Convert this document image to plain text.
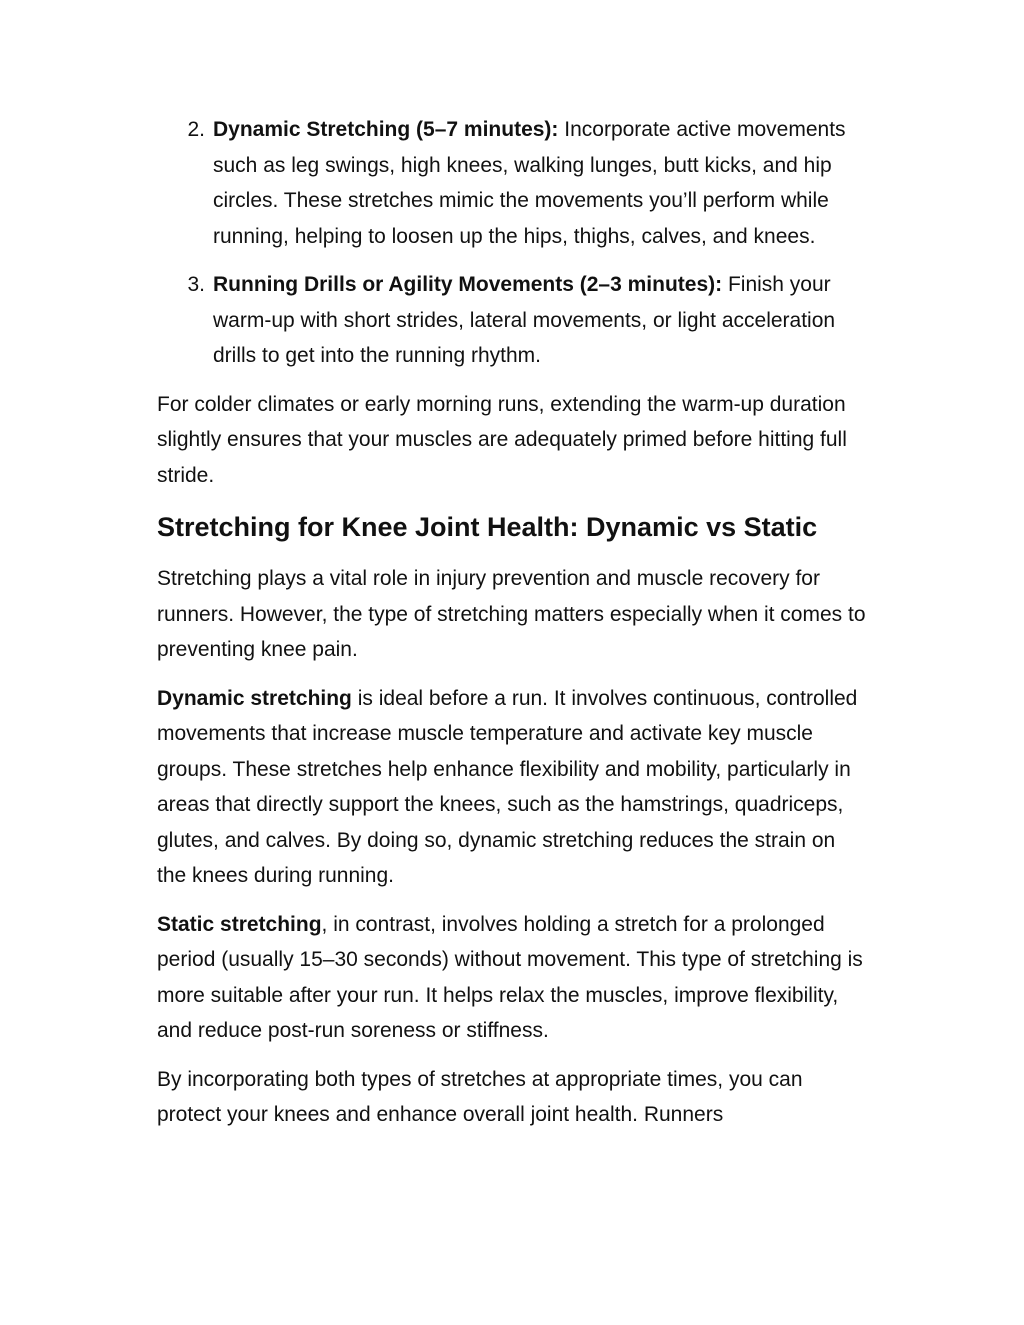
2. Dynamic Stretching (5–7 minutes): Incorporate active movements such as leg swings, high knees, walking lunges, butt kicks, and hip circles. These stretches mimic the movements you’ll perform while running, helping to loosen up the hips, thighs, calves, and knees.
3. Running Drills or Agility Movements (2–3 minutes): Finish your warm-up with short strides, lateral movements, or light acceleration drills to get into the running rhythm.

For colder climates or early morning runs, extending the warm-up duration slightly ensures that your muscles are adequately primed before hitting full stride.

Stretching for Knee Joint Health: Dynamic vs Static

Stretching plays a vital role in injury prevention and muscle recovery for runners. However, the type of stretching matters especially when it comes to preventing knee pain.

Dynamic stretching is ideal before a run. It involves continuous, controlled movements that increase muscle temperature and activate key muscle groups. These stretches help enhance flexibility and mobility, particularly in areas that directly support the knees, such as the hamstrings, quadriceps, glutes, and calves. By doing so, dynamic stretching reduces the strain on the knees during running.

Static stretching, in contrast, involves holding a stretch for a prolonged period (usually 15–30 seconds) without movement. This type of stretching is more suitable after your run. It helps relax the muscles, improve flexibility, and reduce post-run soreness or stiffness.

By incorporating both types of stretches at appropriate times, you can protect your knees and enhance overall joint health. Runners
